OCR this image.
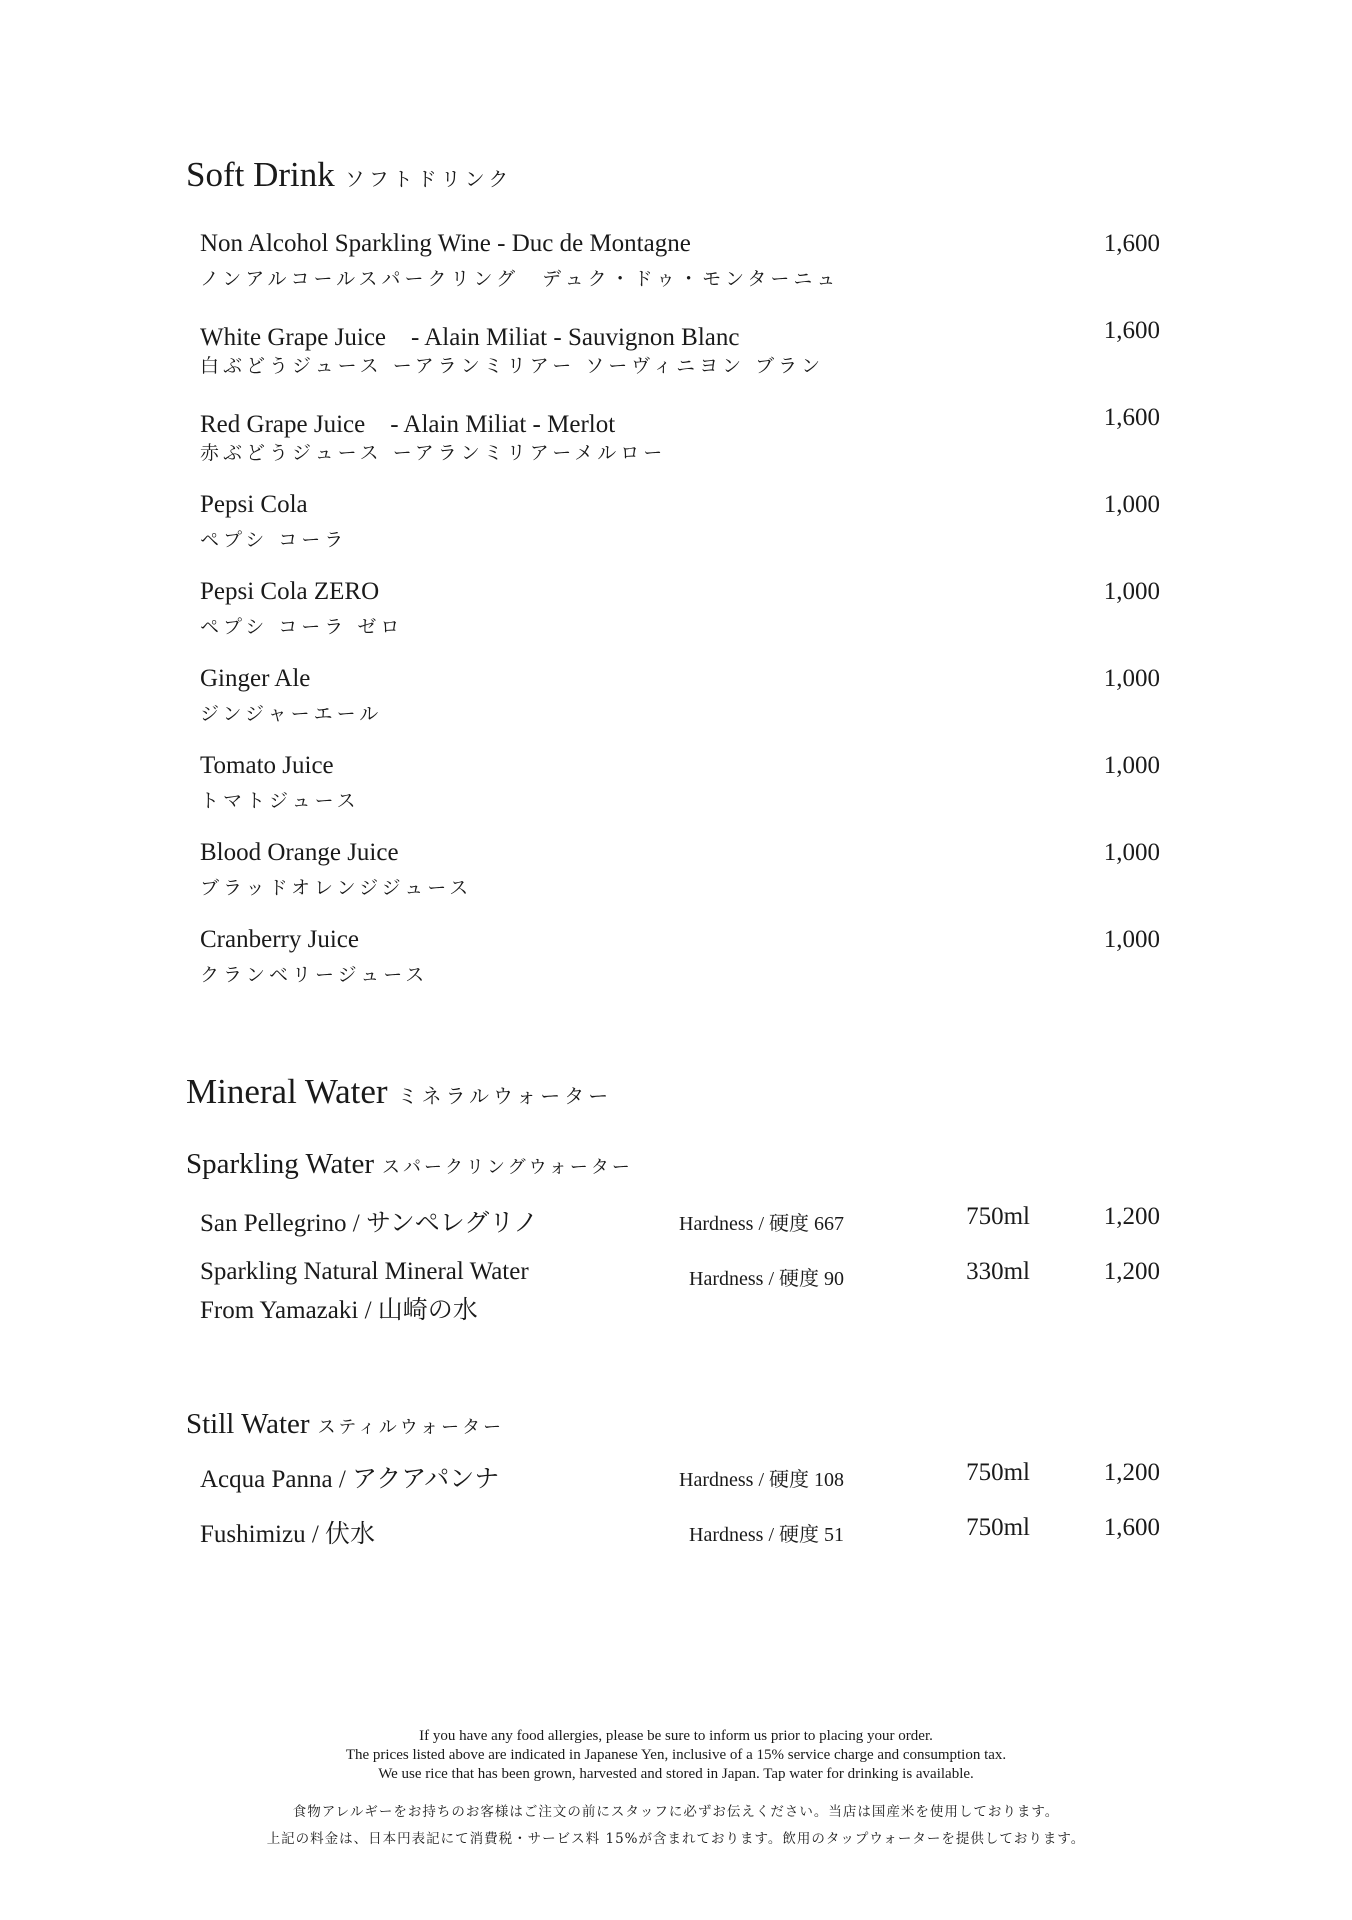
Soft Drink ソフトドリンク
Non Alcohol Sparkling Wine - Duc de Montagne
ノンアルコールスパークリング　デュク・ドゥ・モンターニュ
1,600
White Grape Juice　- Alain Miliat - Sauvignon Blanc
白ぶどうジュース ーアランミリアー ソーヴィニヨン ブラン
1,600
Red Grape Juice　- Alain Miliat - Merlot
赤ぶどうジュース ーアランミリアーメルロー
1,600
Pepsi Cola
ペプシ コーラ
1,000
Pepsi Cola ZERO
ペプシ コーラ ゼロ
1,000
Ginger Ale
ジンジャーエール
1,000
Tomato Juice
トマトジュース
1,000
Blood Orange Juice
ブラッドオレンジジュース
1,000
Cranberry Juice
クランベリージュース
1,000
Mineral Water ミネラルウォーター
Sparkling Water スパークリングウォーター
San Pellegrino / サンペレグリノ	Hardness / 硬度 667	750ml	1,200
Sparkling Natural Mineral Water
From Yamazaki / 山崎の水
Hardness / 硬度 90	330ml	1,200
Still Water スティルウォーター
Acqua Panna / アクアパンナ	Hardness / 硬度 108	750ml	1,200
Fushimizu / 伏水	Hardness / 硬度 51	750ml	1,600
If you have any food allergies, please be sure to inform us prior to placing your order.
The prices listed above are indicated in Japanese Yen, inclusive of a 15% service charge and consumption tax.
We use rice that has been grown, harvested and stored in Japan. Tap water for drinking is available.
食物アレルギーをお持ちのお客様はご注文の前にスタッフに必ずお伝えください。当店は国産米を使用しております。
上記の料金は、日本円表記にて消費税・サービス料 15%が含まれております。飲用のタップウォーターを提供しております。
